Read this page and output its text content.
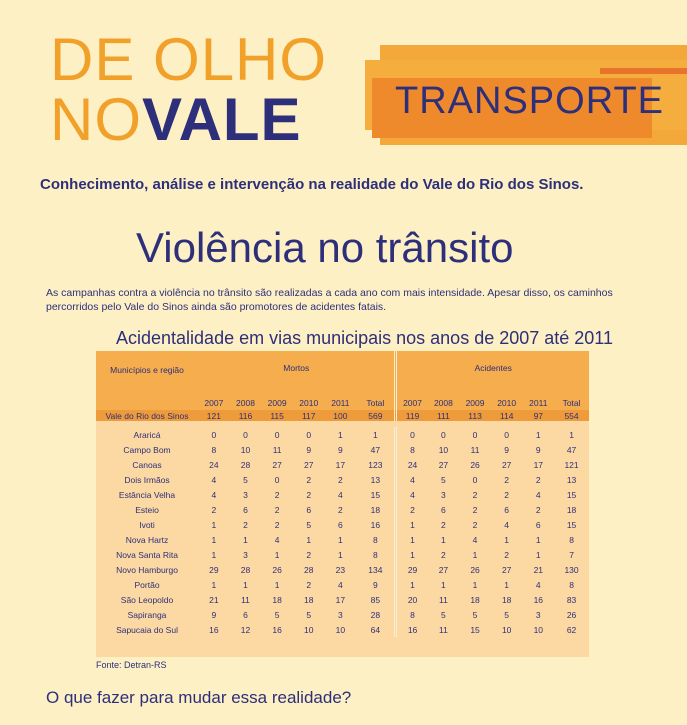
DE OLHO
NOVALE TRANSPORTE
Conhecimento, análise e intervenção na realidade do Vale do Rio dos Sinos.
Violência no trânsito
As campanhas contra a violência no trânsito são realizadas a cada ano com mais intensidade. Apesar disso, os caminhos percorridos pelo Vale do Sinos ainda são promotores de acidentes fatais.
Acidentalidade em vias municipais nos anos de 2007 até 2011
Municípios e região	Mortos						Acidentes					
	2007	2008	2009	2010	2011	Total	2007	2008	2009	2010	2011	Total
Vale do Rio dos Sinos	121	116	115	117	100	569	119	111	113	114	97	554

Araricá	0	0	0	0	1	1	0	0	0	0	1	1
Campo Bom	8	10	11	9	9	47	8	10	11	9	9	47
Canoas	24	28	27	27	17	123	24	27	26	27	17	121
Dois Irmãos	4	5	0	2	2	13	4	5	0	2	2	13
Estância Velha	4	3	2	2	4	15	4	3	2	2	4	15
Esteio	2	6	2	6	2	18	2	6	2	6	2	18
Ivoti	1	2	2	5	6	16	1	2	2	4	6	15
Nova Hartz	1	1	4	1	1	8	1	1	4	1	1	8
Nova Santa Rita	1	3	1	2	1	8	1	2	1	2	1	7
Novo Hamburgo	29	28	26	28	23	134	29	27	26	27	21	130
Portão	1	1	1	2	4	9	1	1	1	1	4	8
São Leopoldo	21	11	18	18	17	85	20	11	18	18	16	83
Sapiranga	9	6	5	5	3	28	8	5	5	5	3	26
Sapucaia do Sul	16	12	16	10	10	64	16	11	15	10	10	62
Fonte: Detran-RS
O que fazer para mudar essa realidade?
